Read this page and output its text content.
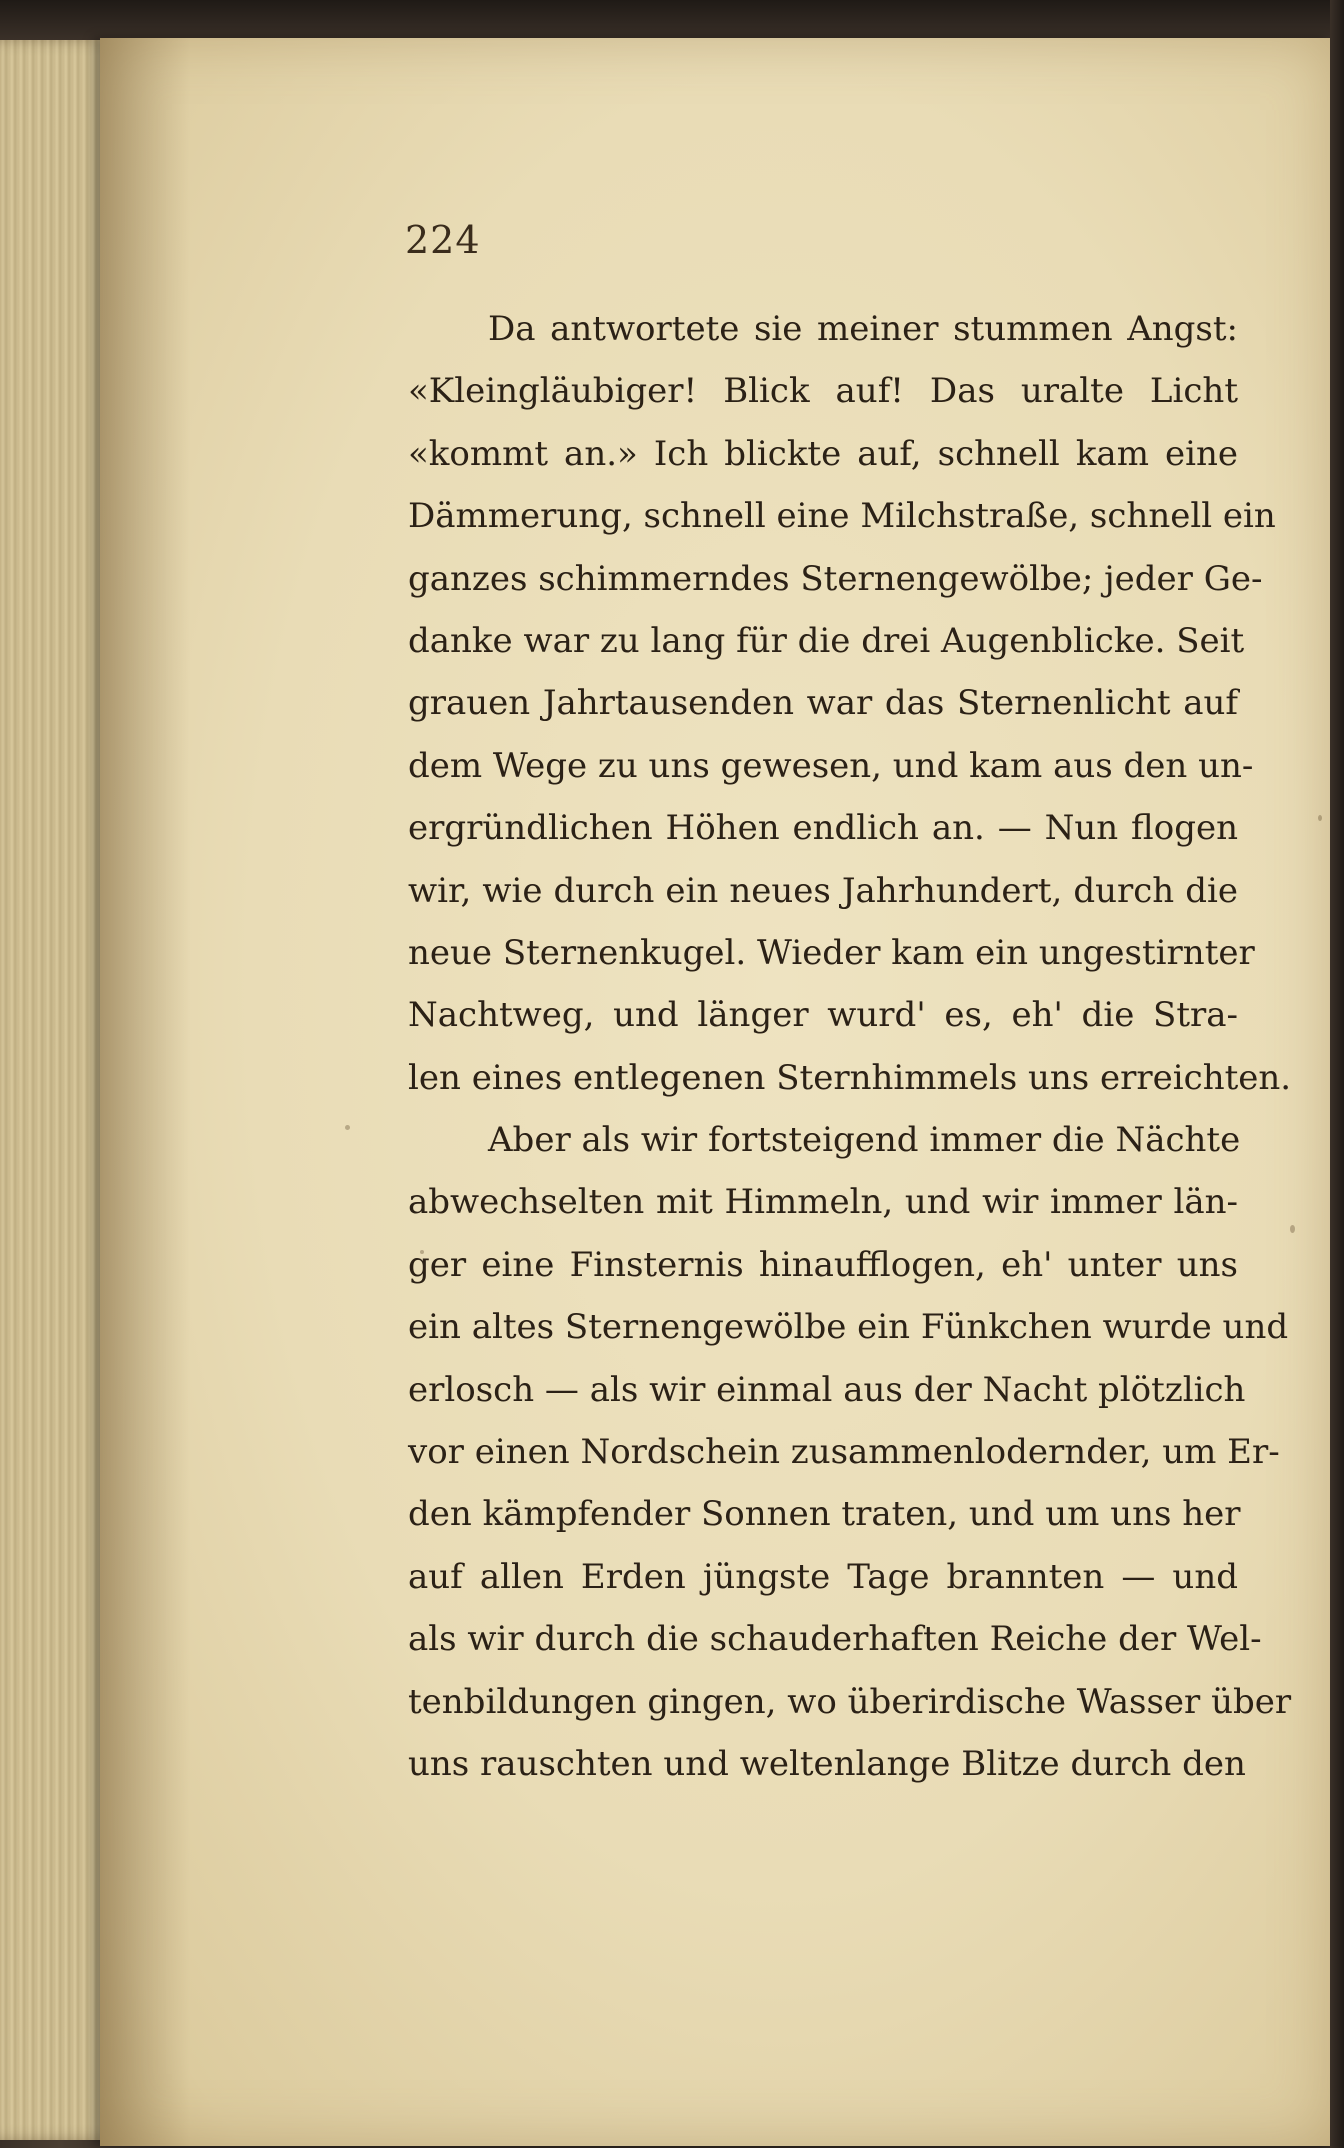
224

Da antwortete sie meiner stummen Angst:
«Kleingläubiger! Blick auf! Das uralte Licht
«kommt an.» Ich blickte auf, schnell kam eine
Dämmerung, schnell eine Milchstraße, schnell ein
ganzes schimmerndes Sternengewölbe; jeder Ge-
danke war zu lang für die drei Augenblicke. Seit
grauen Jahrtausenden war das Sternenlicht auf
dem Wege zu uns gewesen, und kam aus den un-
ergründlichen Höhen endlich an. — Nun flogen
wir, wie durch ein neues Jahrhundert, durch die
neue Sternenkugel. Wieder kam ein ungestirnter
Nachtweg, und länger wurd' es, eh' die Stra-
len eines entlegenen Sternhimmels uns erreichten.
Aber als wir fortsteigend immer die Nächte
abwechselten mit Himmeln, und wir immer län-
ger eine Finsternis hinaufflogen, eh' unter uns
ein altes Sternengewölbe ein Fünkchen wurde und
erlosch — als wir einmal aus der Nacht plötzlich
vor einen Nordschein zusammenlodernder, um Er-
den kämpfender Sonnen traten, und um uns her
auf allen Erden jüngste Tage brannten — und
als wir durch die schauderhaften Reiche der Wel-
tenbildungen gingen, wo überirdische Wasser über
uns rauschten und weltenlange Blitze durch den
